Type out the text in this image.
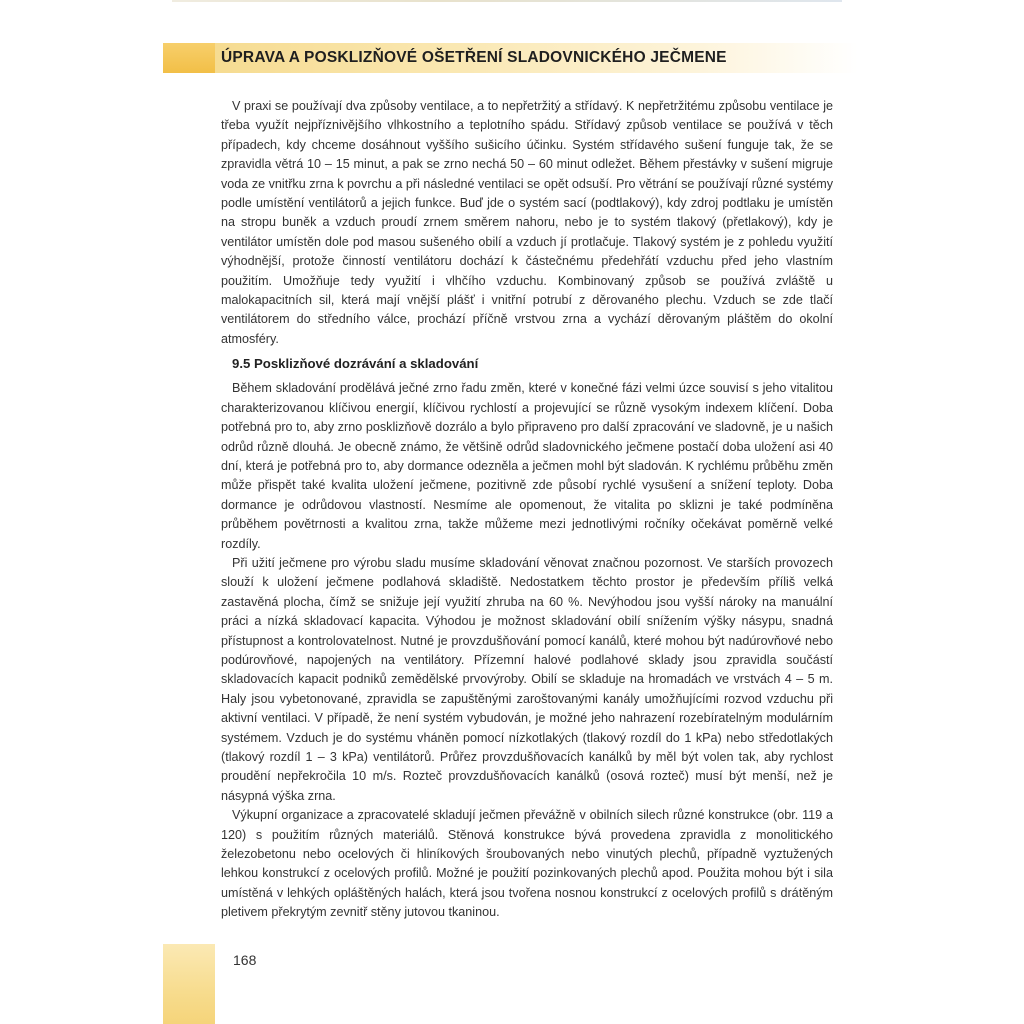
ÚPRAVA A POSKLIZŇOVÉ OŠETŘENÍ SLADOVNICKÉHO JEČMENE

V praxi se používají dva způsoby ventilace, a to nepřetržitý a střídavý. K nepřetržitému způsobu ventilace je třeba využít nejpříznivějšího vlhkostního a teplotního spádu. Střídavý způsob ventilace se používá v těch případech, kdy chceme dosáhnout vyššího sušicího účinku. Systém střídavého sušení funguje tak, že se zpravidla větrá 10 – 15 minut, a pak se zrno nechá 50 – 60 minut odležet. Během přestávky v sušení migruje voda ze vnitřku zrna k povrchu a při následné ventilaci se opět odsuší. Pro větrání se používají různé systémy podle umístění ventilátorů a jejich funkce. Buď jde o systém sací (podtlakový), kdy zdroj podtlaku je umístěn na stropu buněk a vzduch proudí zrnem směrem nahoru, nebo je to systém tlakový (přetlakový), kdy je ventilátor umístěn dole pod masou sušeného obilí a vzduch jí protlačuje. Tlakový systém je z pohledu využití výhodnější, protože činností ventilátoru dochází k částečnému předehřátí vzduchu před jeho vlastním použitím. Umožňuje tedy využití i vlhčího vzduchu. Kombinovaný způsob se používá zvláště u malokapacitních sil, která mají vnější plášť i vnitřní potrubí z děrovaného plechu. Vzduch se zde tlačí ventilátorem do středního válce, prochází příčně vrstvou zrna a vychází děrovaným pláštěm do okolní atmosféry.

9.5 Posklizňové dozrávání a skladování

Během skladování prodělává ječné zrno řadu změn, které v konečné fázi velmi úzce souvisí s jeho vitalitou charakterizovanou klíčivou energií, klíčivou rychlostí a projevující se různě vysokým indexem klíčení. Doba potřebná pro to, aby zrno posklizňově dozrálo a bylo připraveno pro další zpracování ve sladovně, je u našich odrůd různě dlouhá. Je obecně známo, že většině odrůd sladovnického ječmene postačí doba uložení asi 40 dní, která je potřebná pro to, aby dormance odezněla a ječmen mohl být sladován. K rychlému průběhu změn může přispět také kvalita uložení ječmene, pozitivně zde působí rychlé vysušení a snížení teploty. Doba dormance je odrůdovou vlastností. Nesmíme ale opomenout, že vitalita po sklizni je také podmíněna průběhem povětrnosti a kvalitou zrna, takže můžeme mezi jednotlivými ročníky očekávat poměrně velké rozdíly.

Při užití ječmene pro výrobu sladu musíme skladování věnovat značnou pozornost. Ve starších provozech slouží k uložení ječmene podlahová skladiště. Nedostatkem těchto prostor je především příliš velká zastavěná plocha, čímž se snižuje její využití zhruba na 60 %. Nevýhodou jsou vyšší nároky na manuální práci a nízká skladovací kapacita. Výhodou je možnost skladování obilí snížením výšky násypu, snadná přístupnost a kontrolovatelnost. Nutné je provzdušňování pomocí kanálů, které mohou být nadúrovňové nebo podúrovňové, napojených na ventilátory. Přízemní halové podlahové sklady jsou zpravidla součástí skladovacích kapacit podniků zemědělské prvovýroby. Obilí se skladuje na hromadách ve vrstvách 4 – 5 m. Haly jsou vybetonované, zpravidla se zapuštěnými zaroštovanými kanály umožňujícími rozvod vzduchu při aktivní ventilaci. V případě, že není systém vybudován, je možné jeho nahrazení rozebíratelným modulárním systémem. Vzduch je do systému vháněn pomocí nízkotlakých (tlakový rozdíl do 1 kPa) nebo středotlakých (tlakový rozdíl 1 – 3 kPa) ventilátorů. Průřez provzdušňovacích kanálků by měl být volen tak, aby rychlost proudění nepřekročila 10 m/s. Rozteč provzdušňovacích kanálků (osová rozteč) musí být menší, než je násypná výška zrna.

Výkupní organizace a zpracovatelé skladují ječmen převážně v obilních silech různé konstrukce (obr. 119 a 120) s použitím různých materiálů. Stěnová konstrukce bývá provedena zpravidla z monolitického železobetonu nebo ocelových či hliníkových šroubovaných nebo vinutých plechů, případně vyztužených lehkou konstrukcí z ocelových profilů. Možné je použití pozinkovaných plechů apod. Použita mohou být i sila umístěná v lehkých opláštěných halách, která jsou tvořena nosnou konstrukcí z ocelových profilů s drátěným pletivem překrytým zevnitř stěny jutovou tkaninou.

168
